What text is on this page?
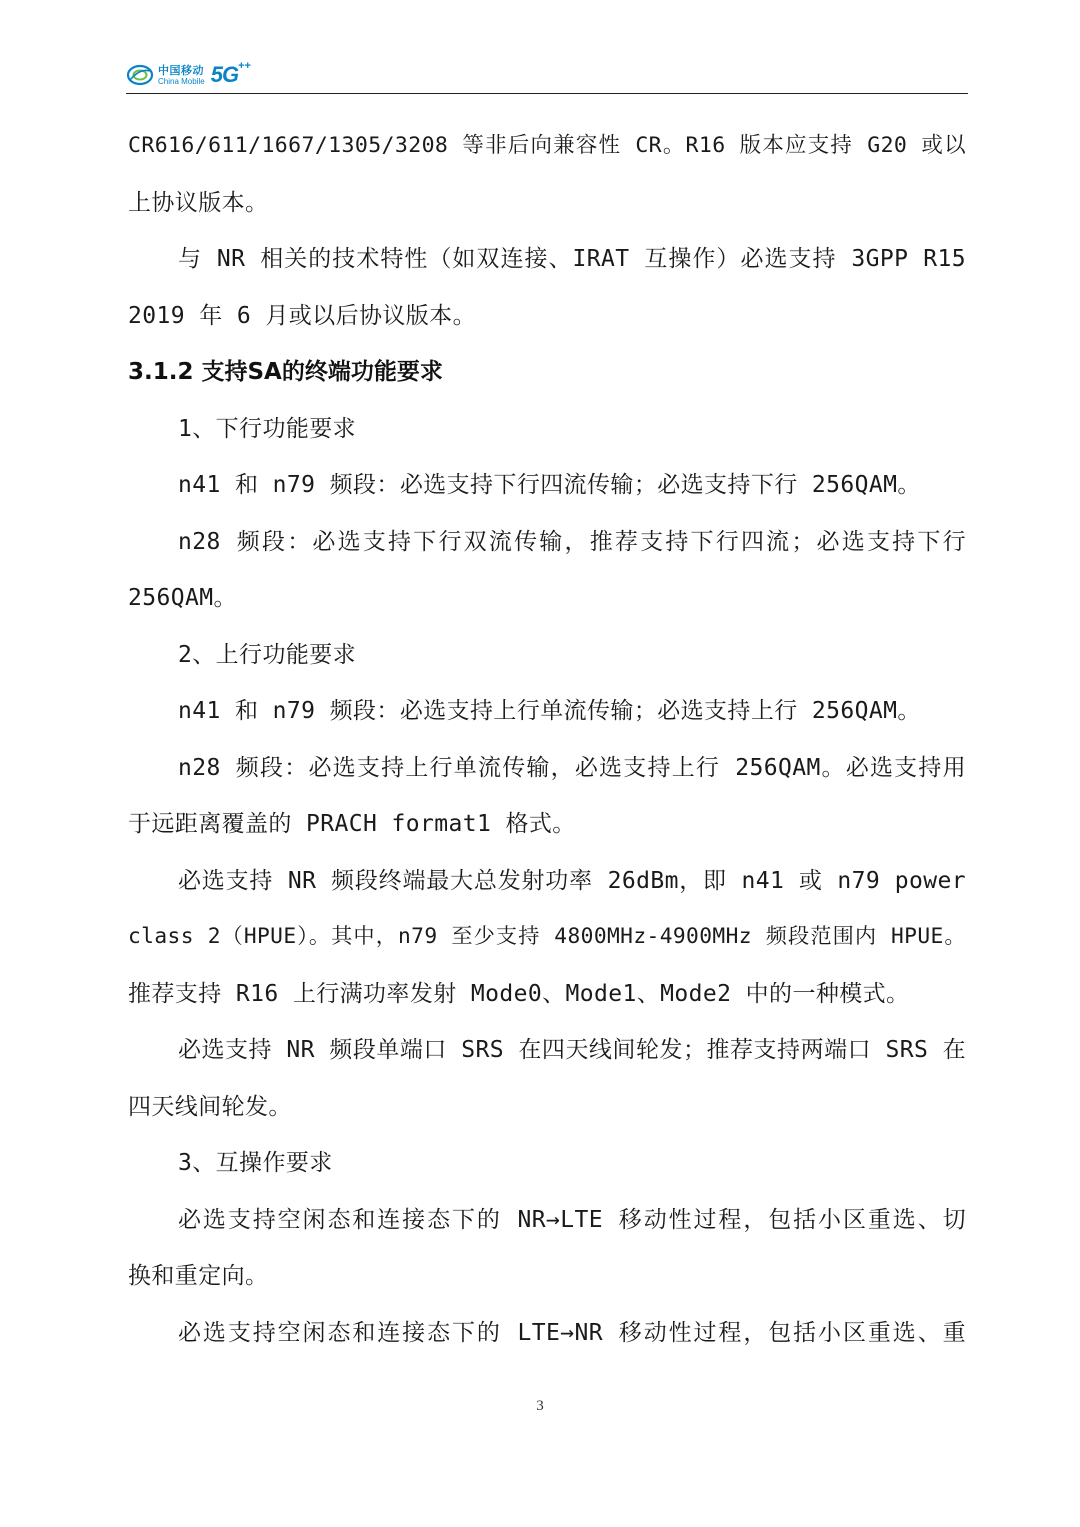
中国移动
China Mobile 5G ++

CR616/611/1667/1305/3208 等非后向兼容性 CR。R16 版本应支持 G20 或以

上协议版本。

与 NR 相关的技术特性（如双连接、IRAT 互操作）必选支持 3GPP R15

2019 年 6 月或以后协议版本。

3.1.2 支持SA的终端功能要求

1、下行功能要求

n41 和 n79 频段：必选支持下行四流传输；必选支持下行 256QAM。

n28 频段：必选支持下行双流传输，推荐支持下行四流；必选支持下行

256QAM。

2、上行功能要求

n41 和 n79 频段：必选支持上行单流传输；必选支持上行 256QAM。

n28 频段：必选支持上行单流传输，必选支持上行 256QAM。必选支持用

于远距离覆盖的 PRACH format1 格式。

必选支持 NR 频段终端最大总发射功率 26dBm，即 n41 或 n79 power

class 2（HPUE）。其中，n79 至少支持 4800MHz-4900MHz 频段范围内 HPUE。

推荐支持 R16 上行满功率发射 Mode0、Mode1、Mode2 中的一种模式。

必选支持 NR 频段单端口 SRS 在四天线间轮发；推荐支持两端口 SRS 在

四天线间轮发。

3、互操作要求

必选支持空闲态和连接态下的 NR→LTE 移动性过程，包括小区重选、切

换和重定向。

必选支持空闲态和连接态下的 LTE→NR 移动性过程，包括小区重选、重

3
